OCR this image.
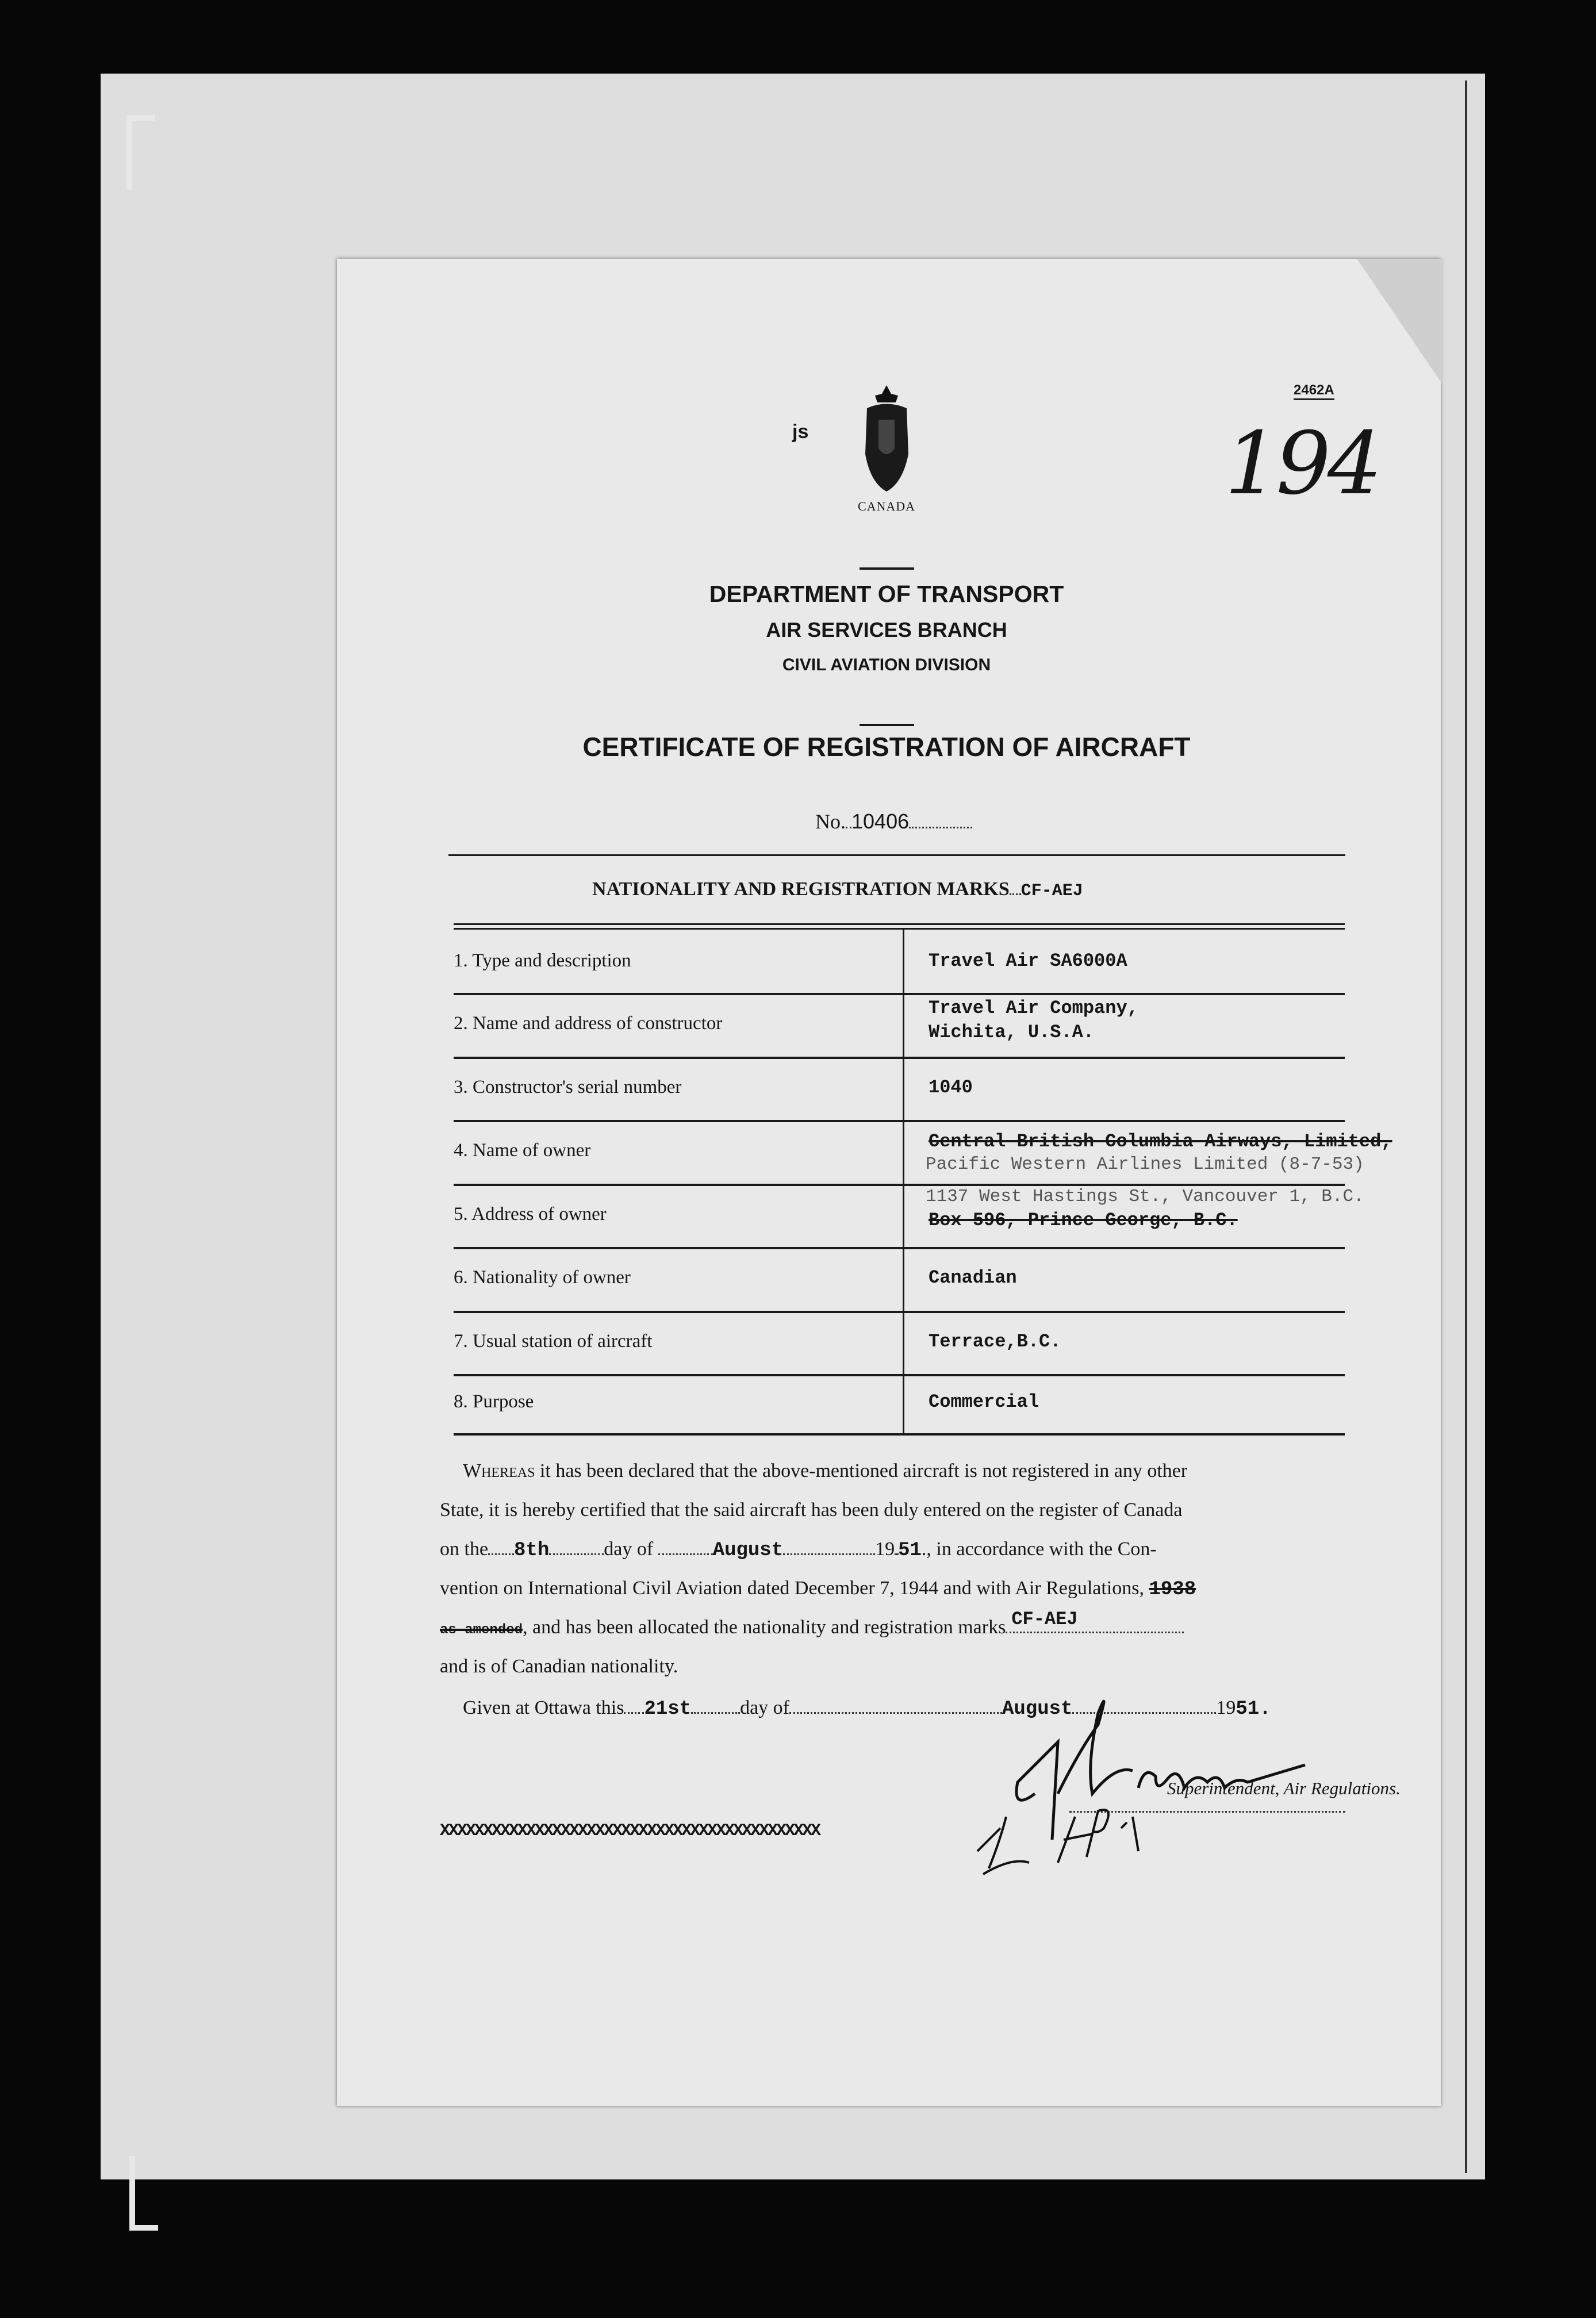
2462A
194
js
CANADA
DEPARTMENT OF TRANSPORT
AIR SERVICES BRANCH
CIVIL AVIATION DIVISION
CERTIFICATE OF REGISTRATION OF AIRCRAFT
No. 10406
NATIONALITY AND REGISTRATION MARKS CF-AEJ
1. Type and description	Travel Air SA6000A
2. Name and address of constructor
Travel Air Company,
Wichita, U.S.A.
3. Constructor's serial number	1040
4. Name of owner	Central British Columbia Airways, Limited,
Pacific Western Airlines Limited (8-7-53)
5. Address of owner
1137 West Hastings St., Vancouver 1, B.C.
Box 596, Prince George, B.C.
6. Nationality of owner	Canadian
7. Usual station of aircraft	Terrace,B.C.
8. Purpose	Commercial
Whereas it has been declared that the above-mentioned aircraft is not registered in any other
State, it is hereby certified that the said aircraft has been duly entered on the register of Canada
on the 8th	day of	August	19 51., in accordance with the Con-
vention on International Civil Aviation dated December 7, 1944 and with Air Regulations, 1938
as amended, and has been allocated the nationality and registration marks CF-AEJ
and is of Canadian nationality.
Given at Ottawa this 21st	day of	August	1951.
Superintendent, Air Regulations.
XXXXXXXXXXXXXXXXXXXXXXXXXXXXXXXXXXXXXXXXXXXX
